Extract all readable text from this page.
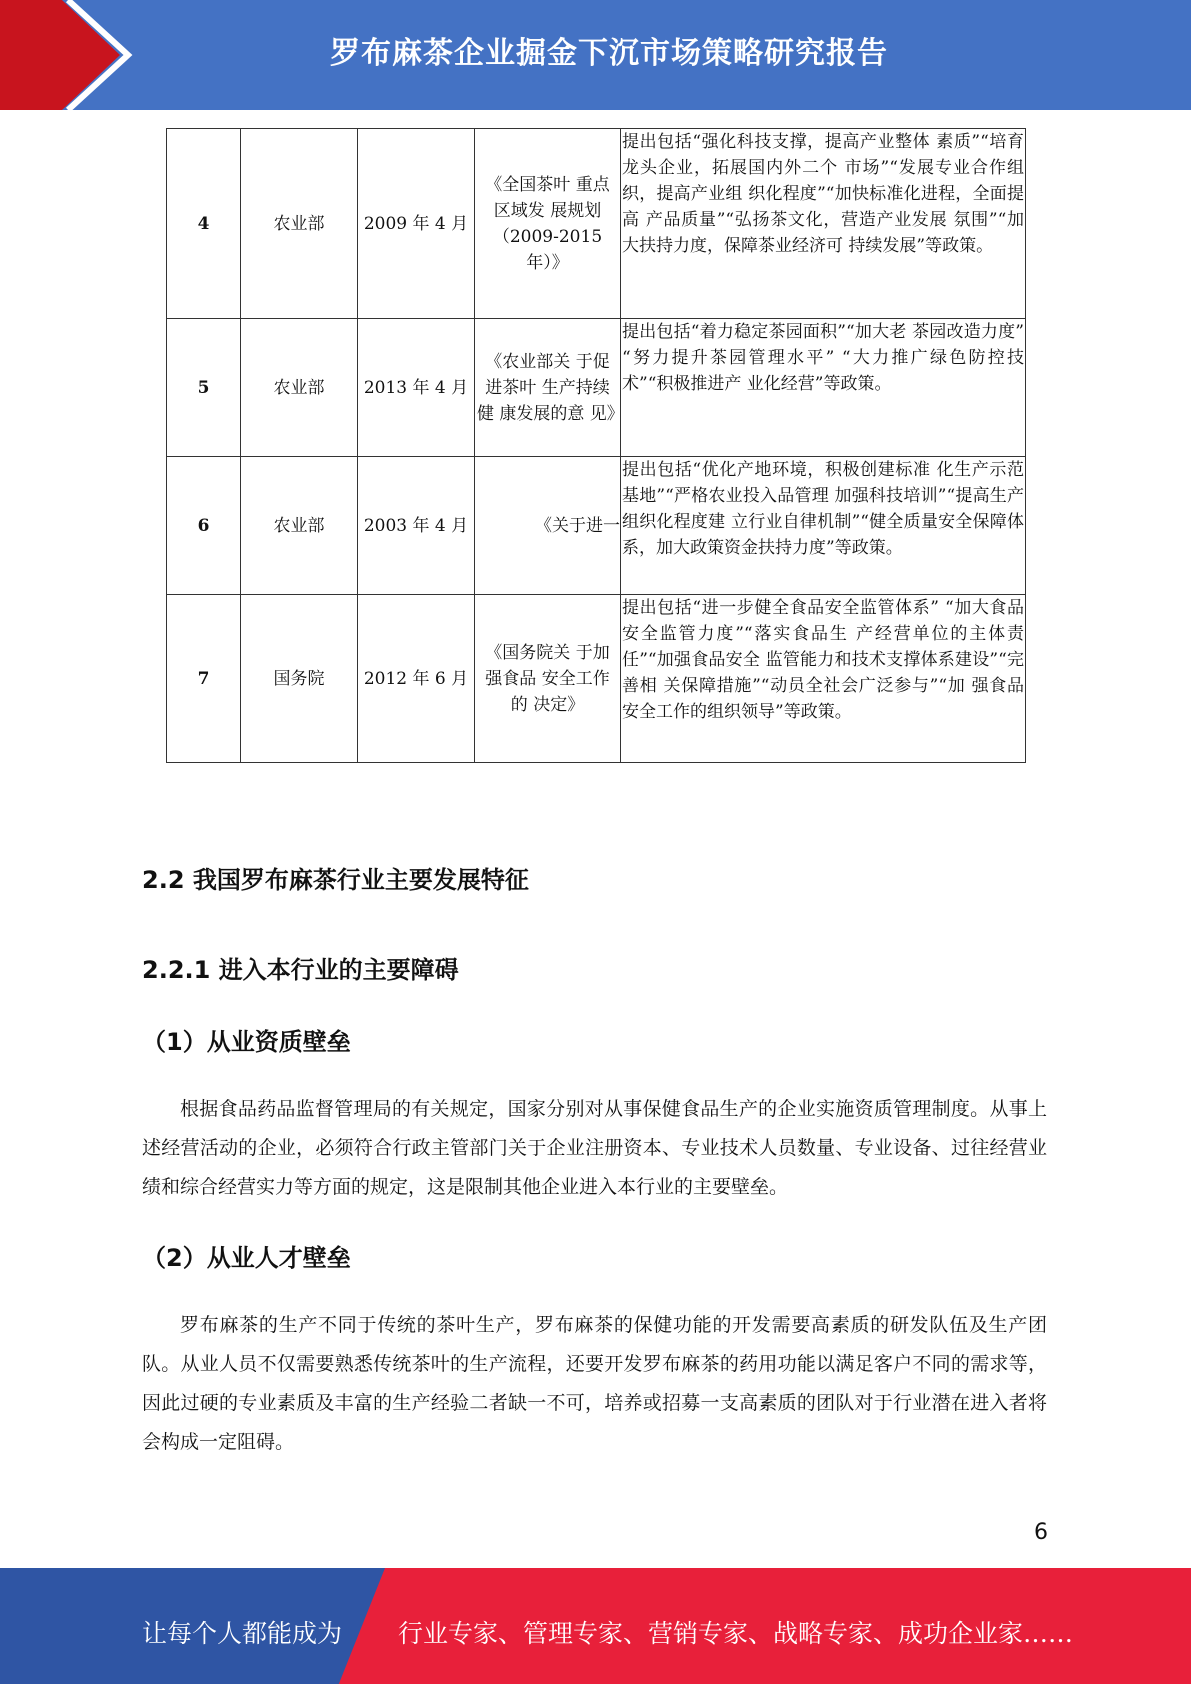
罗布麻茶企业掘金下沉市场策略研究报告
4	农业部	2009 年 4 月	《全国茶叶 重点区域发 展规划（2009-2015 年）》	提出包括“强化科技支撑，提高产业整体 素质”“培育龙头企业，拓展国内外二个 市场”“发展专业合作组织，提高产业组 织化程度”“加快标准化进程，全面提高 产品质量”“弘扬茶文化，营造产业发展 氛围”“加大扶持力度，保障茶业经济可 持续发展”等政策。
5	农业部	2013 年 4 月	《农业部关 于促进茶叶 生产持续健 康发展的意 见》	提出包括“着力稳定茶园面积”“加大老 茶园改造力度” “努力提升茶园管理水平” “大力推广绿色防控技术”“积极推进产 业化经营”等政策。
6	农业部	2003 年 4 月	《关于进一	提出包括“优化产地环境，积极创建标准 化生产示范基地”“严格农业投入品管理 加强科技培训”“提高生产组织化程度建 立行业自律机制”“健全质量安全保障体 系，加大政策资金扶持力度”等政策。
7	国务院	2012 年 6 月	《国务院关 于加强食品 安全工作的 决定》	提出包括“进一步健全食品安全监管体系” “加大食品安全监管力度”“落实食品生 产经营单位的主体责任”“加强食品安全 监管能力和技术支撑体系建设”“完善相 关保障措施”“动员全社会广泛参与”“加 强食品安全工作的组织领导”等政策。
2.2 我国罗布麻茶行业主要发展特征
2.2.1 进入本行业的主要障碍
（1）从业资质壁垒

根据食品药品监督管理局的有关规定，国家分别对从事保健食品生产的企业实施资质管理制度。从事上述经营活动的企业，必须符合行政主管部门关于企业注册资本、专业技术人员数量、专业设备、过往经营业绩和综合经营实力等方面的规定，这是限制其他企业进入本行业的主要壁垒。

（2）从业人才壁垒

罗布麻茶的生产不同于传统的茶叶生产，罗布麻茶的保健功能的开发需要高素质的研发队伍及生产团队。从业人员不仅需要熟悉传统茶叶的生产流程，还要开发罗布麻茶的药用功能以满足客户不同的需求等，因此过硬的专业素质及丰富的生产经验二者缺一不可，培养或招募一支高素质的团队对于行业潜在进入者将会构成一定阻碍。

6
让每个人都能成为 行业专家、管理专家、营销专家、战略专家、成功企业家……
